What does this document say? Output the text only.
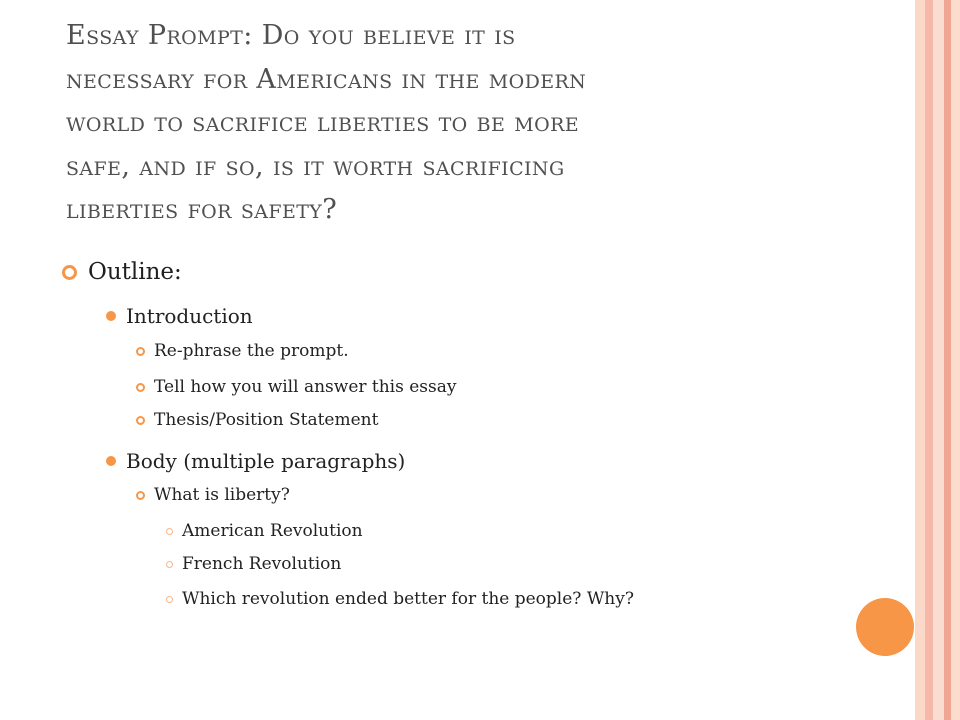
Essay Prompt: Do you believe it is
necessary for Americans in the modern
world to sacrifice liberties to be more
safe, and if so, is it worth sacrificing
liberties for safety?
Outline:
Introduction
Re-phrase the prompt.
Tell how you will answer this essay
Thesis/Position Statement
Body (multiple paragraphs)
What is liberty?
American Revolution
French Revolution
Which revolution ended better for the people? Why?
